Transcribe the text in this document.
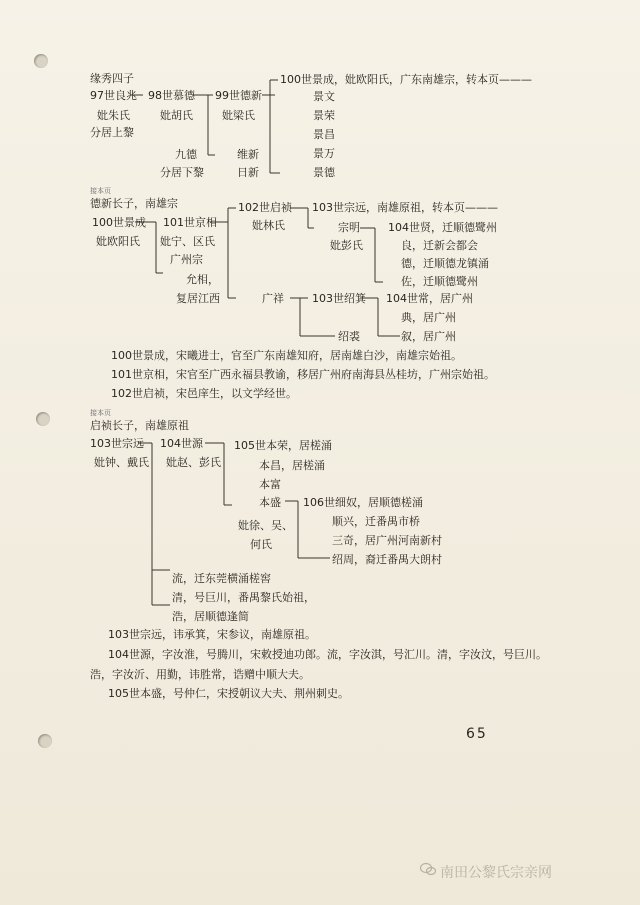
缘秀四子
97世良兆
妣朱氏
分居上黎
98世慕德
妣胡氏
九德
分居下黎
99世德新
妣梁氏
维新
日新
100世景成，妣欧阳氏，广东南雄宗，转本页———
景文
景荣
景昌
景万
景德
接本页
德新长子，南雄宗
100世景成
妣欧阳氏
101世京相
妣宁、区氏
广州宗
允相，
复居江西
102世启祯
妣林氏
103世宗远，南雄原祖，转本页———
宗明
妣彭氏
104世贤，迁顺德鹭州
良，迁新会都会
德，迁顺德龙镇涌
佐，迁顺德鹭州
广祥	103世绍箕
绍裘
104世常，居广州
典，居广州
叙，居广州
100世景成，宋曦进士，官至广东南雄知府，居南雄白沙，南雄宗始祖。
101世京相，宋官至广西永福县教谕，移居广州府南海县丛桂坊，广州宗始祖。
102世启祯，宋邑庠生，以文学经世。
接本页
启祯长子，南雄原祖
103世宗远
妣钟、戴氏
104世源
妣赵、彭氏
妣徐、吴、
何氏
105世本荣，居槎涌
本昌，居槎涌
本富
本盛 106世细奴，居顺德槎涌
顺兴，迁番禺市桥
三奇，居广州河南新村
绍周，裔迁番禺大朗村
流，迁东莞横涌槎窖
清，号巨川，番禺黎氏始祖，
浩，居顺德逢简
103世宗远，讳承箕，宋参议，南雄原祖。
104世源，字汝淮，号腾川，宋敕授迪功郎。流，字汝淇，号汇川。清，字汝汶，号巨川。
浩，字汝沂、用勤，讳胜常，诰赠中顺大夫。
105世本盛，号仲仁，宋授朝议大夫、荆州刺史。
65
南田公黎氏宗亲网
